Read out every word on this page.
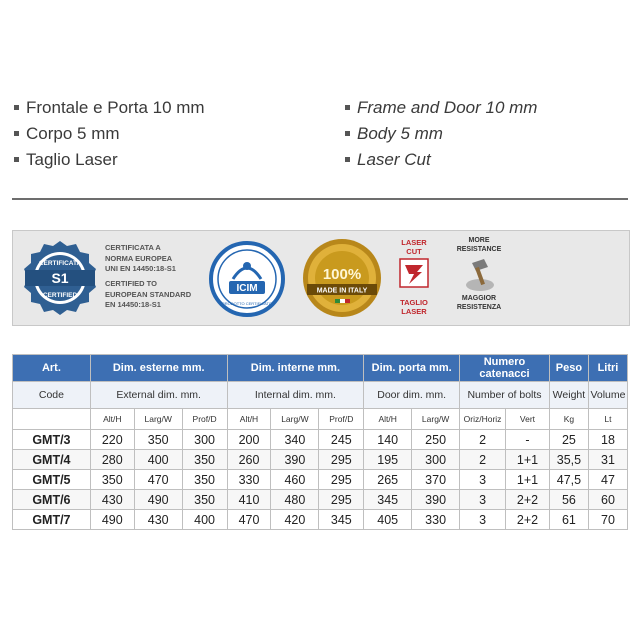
Frontale e Porta 10 mm
Corpo 5 mm
Taglio Laser
Frame and Door 10 mm
Body 5 mm
Laser Cut
S1
CERTIFICATA
CERTIFIED
CERTIFICATA A
NORMA EUROPEA
UNI EN 14450:18-S1
CERTIFIED TO
EUROPEAN STANDARD
EN 14450:18-S1
ICIM
PRODOTTO CERTIFICATO
100%
MADE IN ITALY
LASER
CUT
TAGLIO
LASER
MORE
RESISTANCE
MAGGIOR
RESISTENZA
Art.	Dim. esterne mm.			Dim. interne mm.			Dim. porta mm.		Numero catenacci		Peso	Litri
Code	External dim. mm.			Internal dim. mm.			Door dim. mm.		Number of bolts		Weight	Volume
	Alt/H	Larg/W	Prof/D	Alt/H	Larg/W	Prof/D	Alt/H	Larg/W	Oriz/Horiz	Vert	Kg	Lt
GMT/3	220	350	300	200	340	245	140	250	2	-	25	18
GMT/4	280	400	350	260	390	295	195	300	2	1+1	35,5	31
GMT/5	350	470	350	330	460	295	265	370	3	1+1	47,5	47
GMT/6	430	490	350	410	480	295	345	390	3	2+2	56	60
GMT/7	490	430	400	470	420	345	405	330	3	2+2	61	70
